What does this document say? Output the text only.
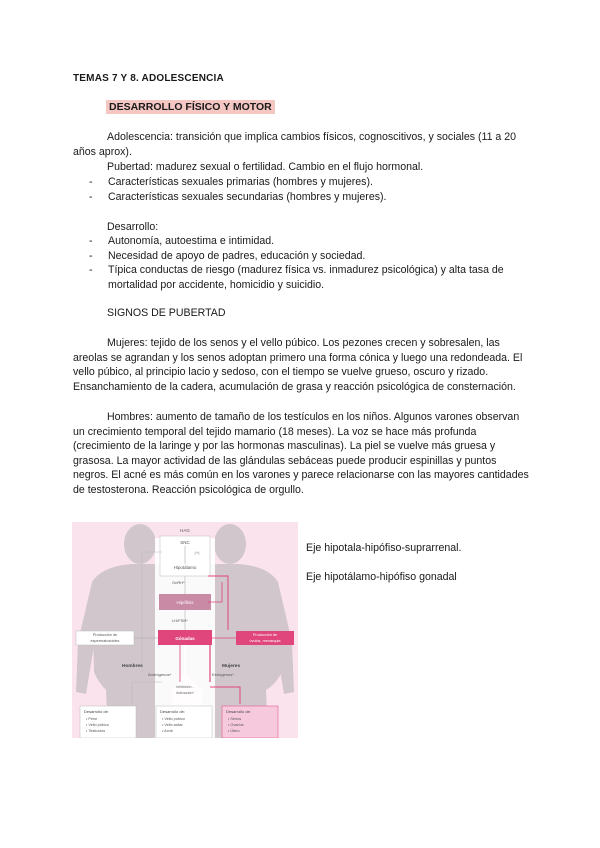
TEMAS 7 Y 8. ADOLESCENCIA
DESARROLLO FÍSICO Y MOTOR
Adolescencia: transición que implica cambios físicos, cognoscitivos, y sociales (11 a 20 años aprox).
Pubertad: madurez sexual o fertilidad. Cambio en el flujo hormonal.
- Características sexuales primarias (hombres y mujeres).
- Características sexuales secundarias (hombres y mujeres).
Desarrollo:
- Autonomía, autoestima e intimidad.
- Necesidad de apoyo de padres, educación y sociedad.
- Típica conductas de riesgo (madurez física vs. inmadurez psicológica) y alta tasa de mortalidad por accidente, homicidio y suicidio.
SIGNOS DE PUBERTAD
Mujeres: tejido de los senos y el vello púbico. Los pezones crecen y sobresalen, las areolas se agrandan y los senos adoptan primero una forma cónica y luego una redondeada. El vello púbico, al principio lacio y sedoso, con el tiempo se vuelve grueso, oscuro y rizado. Ensanchamiento de la cadera, acumulación de grasa y reacción psicológica de consternación.
Hombres: aumento de tamaño de los testículos en los niños. Algunos varones observan un crecimiento temporal del tejido mamario (18 meses). La voz se hace más profunda (crecimiento de la laringe y por las hormonas masculinas). La piel se vuelve más gruesa y grasosa. La mayor actividad de las glándulas sebáceas puede producir espinillas y puntos negros. El acné es más común en los varones y parece relacionarse con las mayores cantidades de testosterona. Reacción psicológica de orgullo.
HAG
SNC
(+)
Hipotálamo
GnRH*
Hipófisis
LH/FSH*
Gónadas
Producción de
espermatozoides
Producción de
óvulos, menarquia
Hombres	Mujeres
Andrógenos*	Estrógenos*
Inhibición -
Activación*
Desarrollo de:
• Pene
• Vello púbico
• Testículos
Desarrollo de:
• Vello púbico
• Vello axilar
• Acné
Desarrollo de:
• Senos
• Ovarios
• Útero
Eje hipotala-hipófiso-suprarrenal.
Eje hipotálamo-hipófiso gonadal
